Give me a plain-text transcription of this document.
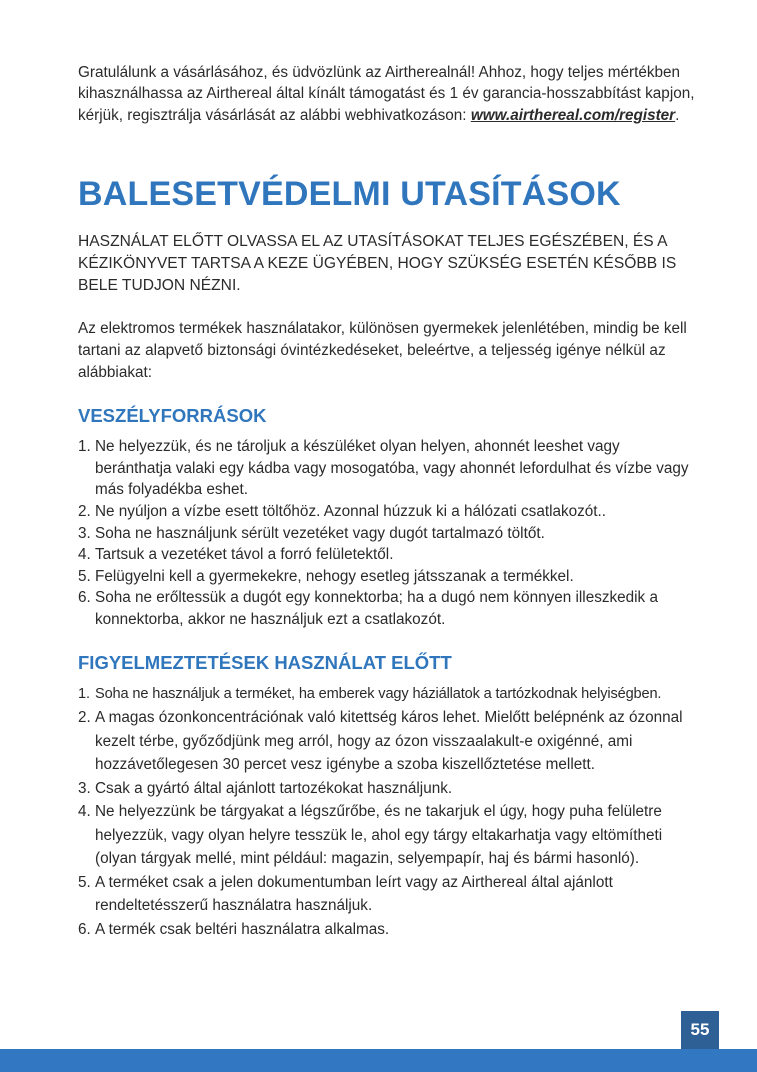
Gratulálunk a vásárlásához, és üdvözlünk az Airtherealnál! Ahhoz, hogy teljes mértékben kihasználhassa az Airthereal által kínált támogatást és 1 év garancia-hosszabbítást kapjon, kérjük, regisztrálja vásárlását az alábbi webhivatkozáson: www.airthereal.com/register.

BALESETVÉDELMI UTASÍTÁSOK

HASZNÁLAT ELŐTT OLVASSA EL AZ UTASÍTÁSOKAT TELJES EGÉSZÉBEN, ÉS A KÉZIKÖNYVET TARTSA A KEZE ÜGYÉBEN, HOGY SZÜKSÉG ESETÉN KÉSŐBB IS BELE TUDJON NÉZNI.

Az elektromos termékek használatakor, különösen gyermekek jelenlétében, mindig be kell tartani az alapvető biztonsági óvintézkedéseket, beleértve, a teljesség igénye nélkül az alábbiakat:

VESZÉLYFORRÁSOK
1. Ne helyezzük, és ne tároljuk a készüléket olyan helyen, ahonnét leeshet vagy beránthatja valaki egy kádba vagy mosogatóba, vagy ahonnét lefordulhat és vízbe vagy más folyadékba eshet.
2. Ne nyúljon a vízbe esett töltőhöz. Azonnal húzzuk ki a hálózati csatlakozót..
3. Soha ne használjunk sérült vezetéket vagy dugót tartalmazó töltőt.
4. Tartsuk a vezetéket távol a forró felületektől.
5. Felügyelni kell a gyermekekre, nehogy esetleg játsszanak a termékkel.
6. Soha ne erőltessük a dugót egy konnektorba; ha a dugó nem könnyen illeszkedik a konnektorba, akkor ne használjuk ezt a csatlakozót.
FIGYELMEZTETÉSEK HASZNÁLAT ELŐTT
1. Soha ne használjuk a terméket, ha emberek vagy háziállatok a tartózkodnak helyiségben.
2. A magas ózonkoncentrációnak való kitettség káros lehet. Mielőtt belépnénk az ózonnal kezelt térbe, győződjünk meg arról, hogy az ózon visszaalakult-e oxigénné, ami hozzávetőlegesen 30 percet vesz igénybe a szoba kiszellőztetése mellett.
3. Csak a gyártó által ajánlott tartozékokat használjunk.
4. Ne helyezzünk be tárgyakat a légszűrőbe, és ne takarjuk el úgy, hogy puha felületre helyezzük, vagy olyan helyre tesszük le, ahol egy tárgy eltakarhatja vagy eltömítheti (olyan tárgyak mellé, mint például: magazin, selyempapír, haj és bármi hasonló).
5. A terméket csak a jelen dokumentumban leírt vagy az Airthereal által ajánlott rendeltetésszerű használatra használjuk.
6. A termék csak beltéri használatra alkalmas.
55
